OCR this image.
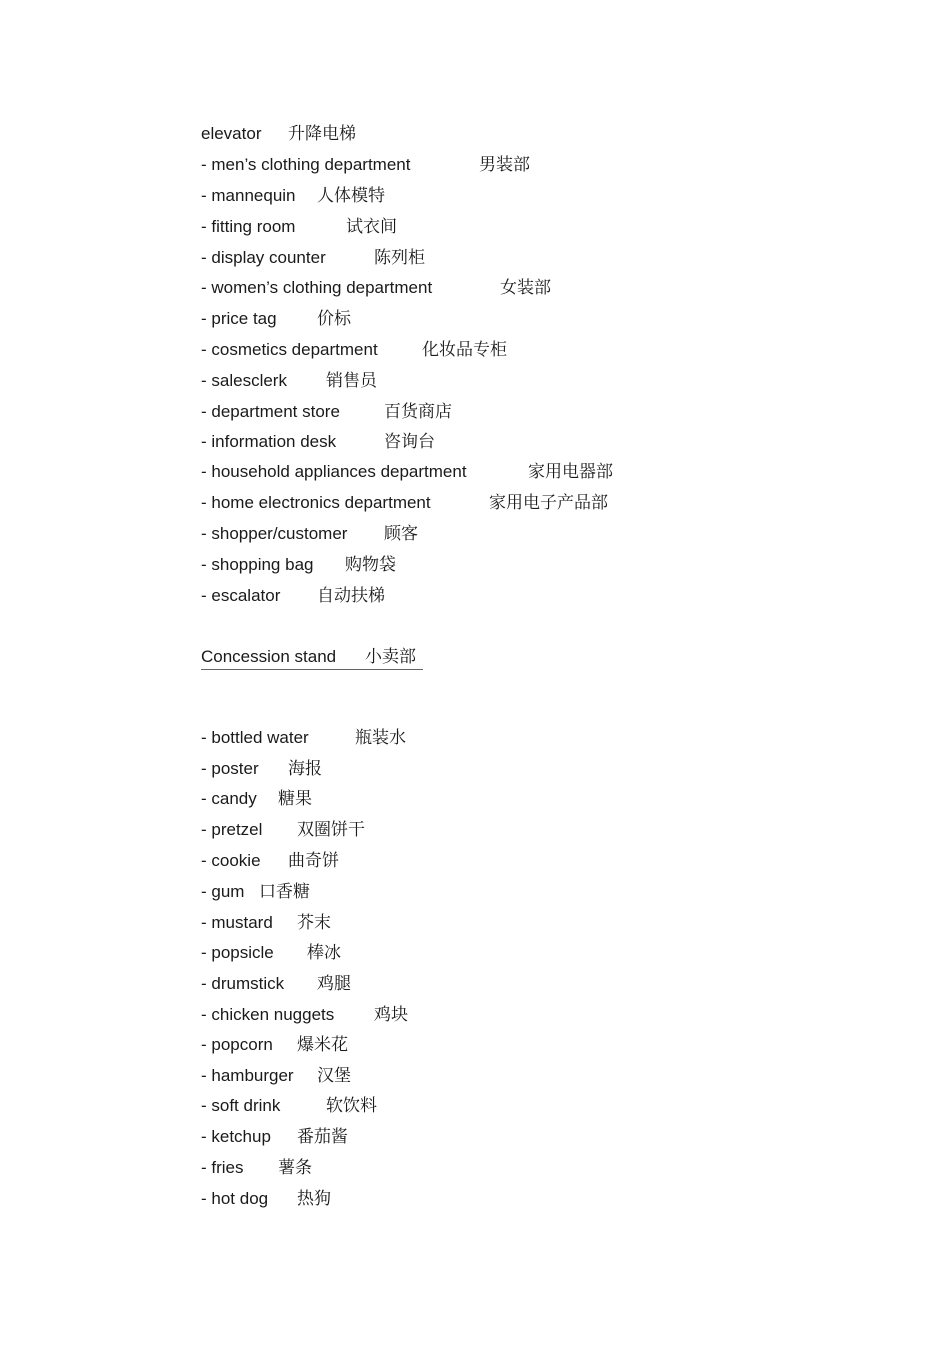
elevator 升降电梯
- men’s clothing department	男装部
- mannequin 人体模特
- fitting room	试衣间
- display counter	陈列柜
- women’s clothing department	女装部
- price tag 价标
- cosmetics department	化妆品专柜
- salesclerk 销售员
- department store	百货商店
- information desk	咨询台
- household appliances department	家用电器部
- home electronics department	家用电子产品部
- shopper/customer 顾客
- shopping bag 购物袋
- escalator 自动扶梯
Concession stand 小卖部
- bottled water	瓶装水
- poster 海报
- candy 糖果
- pretzel 双圈饼干
- cookie 曲奇饼
- gum 口香糖
- mustard 芥末
- popsicle 棒冰
- drumstick 鸡腿
- chicken nuggets 鸡块
- popcorn 爆米花
- hamburger 汉堡
- soft drink	软饮料
- ketchup 番茄酱
- fries 薯条
- hot dog 热狗
